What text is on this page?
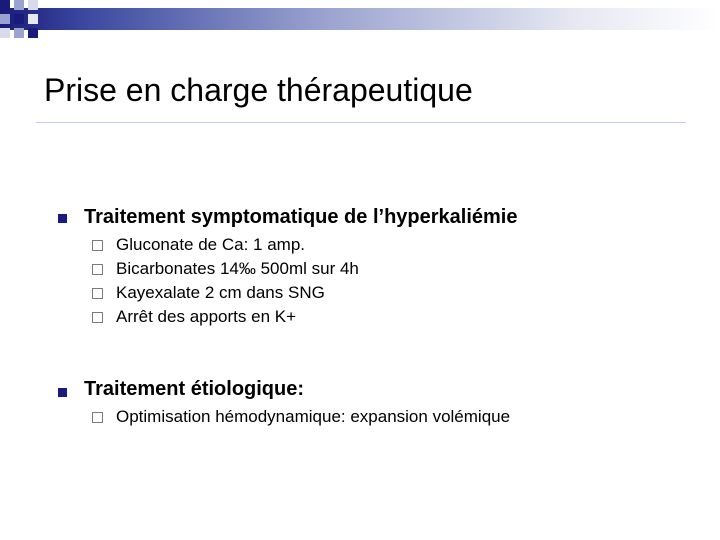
Prise en charge thérapeutique
Traitement symptomatique de l’hyperkaliémie
Gluconate de Ca: 1 amp.
Bicarbonates 14‰ 500ml sur 4h
Kayexalate 2 cm dans SNG
Arrêt des apports en K+
Traitement étiologique:
Optimisation hémodynamique: expansion volémique
